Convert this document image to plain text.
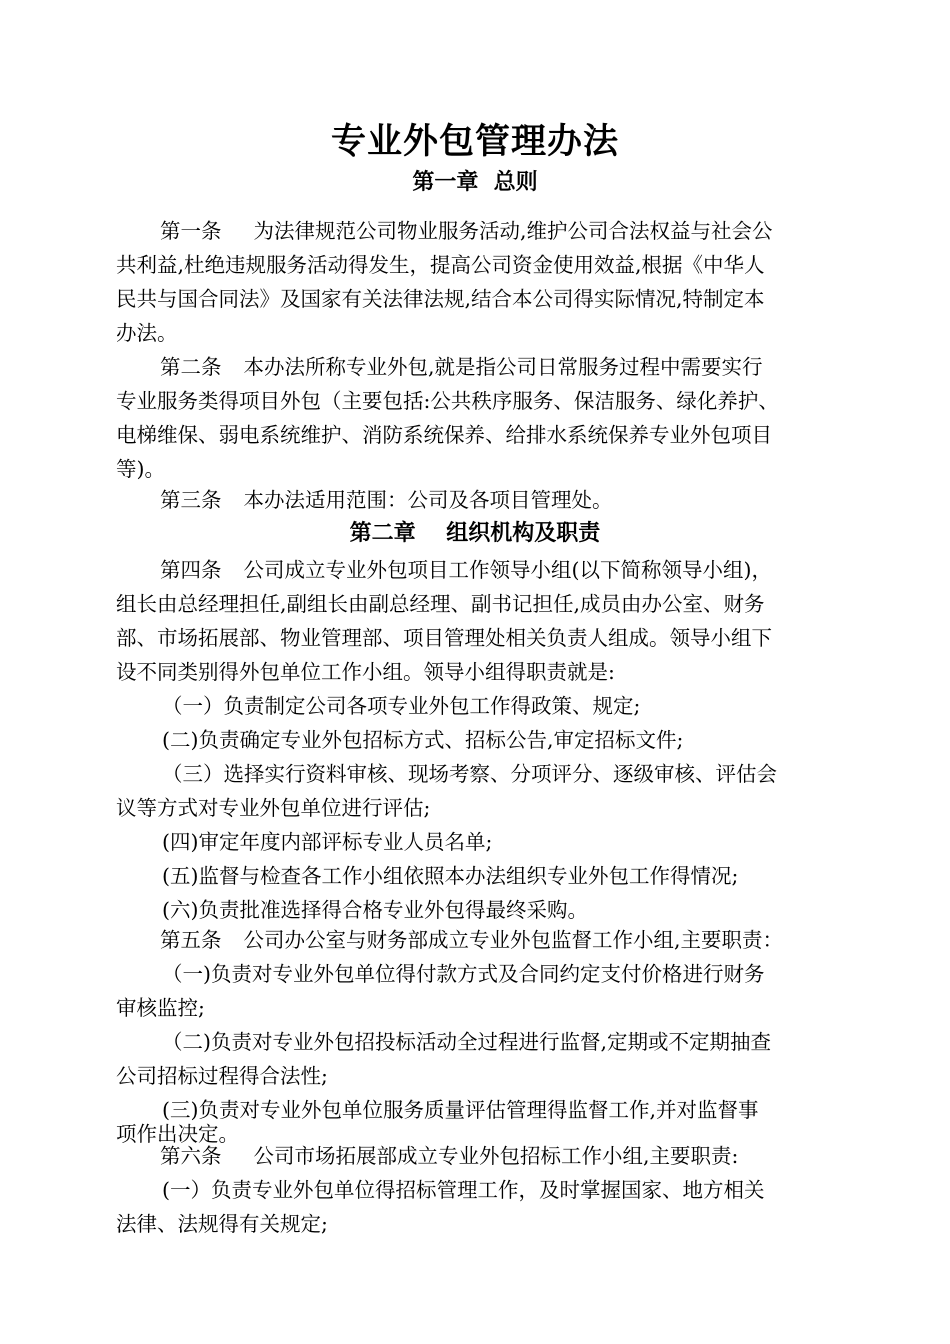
专业外包管理办法
第一章  总则
第一条 为法律规范公司物业服务活动,维护公司合法权益与社会公
共利益,杜绝违规服务活动得发生，提高公司资金使用效益,根据《中华人
民共与国合同法》及国家有关法律法规,结合本公司得实际情况,特制定本
办法。
第二条 本办法所称专业外包,就是指公司日常服务过程中需要实行
专业服务类得项目外包（主要包括:公共秩序服务、保洁服务、绿化养护、
电梯维保、弱电系统维护、消防系统保养、给排水系统保养专业外包项目
等)。
第三条 本办法适用范围：公司及各项目管理处。
第二章    组织机构及职责
第四条 公司成立专业外包项目工作领导小组(以下简称领导小组)，
组长由总经理担任,副组长由副总经理、副书记担任,成员由办公室、财务
部、市场拓展部、物业管理部、项目管理处相关负责人组成。领导小组下
设不同类别得外包单位工作小组。领导小组得职责就是:
（一）负责制定公司各项专业外包工作得政策、规定;
(二)负责确定专业外包招标方式、招标公告,审定招标文件;
（三）选择实行资料审核、现场考察、分项评分、逐级审核、评估会
议等方式对专业外包单位进行评估;
(四)审定年度内部评标专业人员名单;
(五)监督与检查各工作小组依照本办法组织专业外包工作得情况;
(六)负责批准选择得合格专业外包得最终采购。
第五条 公司办公室与财务部成立专业外包监督工作小组,主要职责：
（一)负责对专业外包单位得付款方式及合同约定支付价格进行财务
审核监控;
（二)负责对专业外包招投标活动全过程进行监督,定期或不定期抽查
公司招标过程得合法性;
(三)负责对专业外包单位服务质量评估管理得监督工作,并对监督事
项作出决定。
第六条 公司市场拓展部成立专业外包招标工作小组,主要职责:
(一）负责专业外包单位得招标管理工作，及时掌握国家、地方相关
法律、法规得有关规定;
